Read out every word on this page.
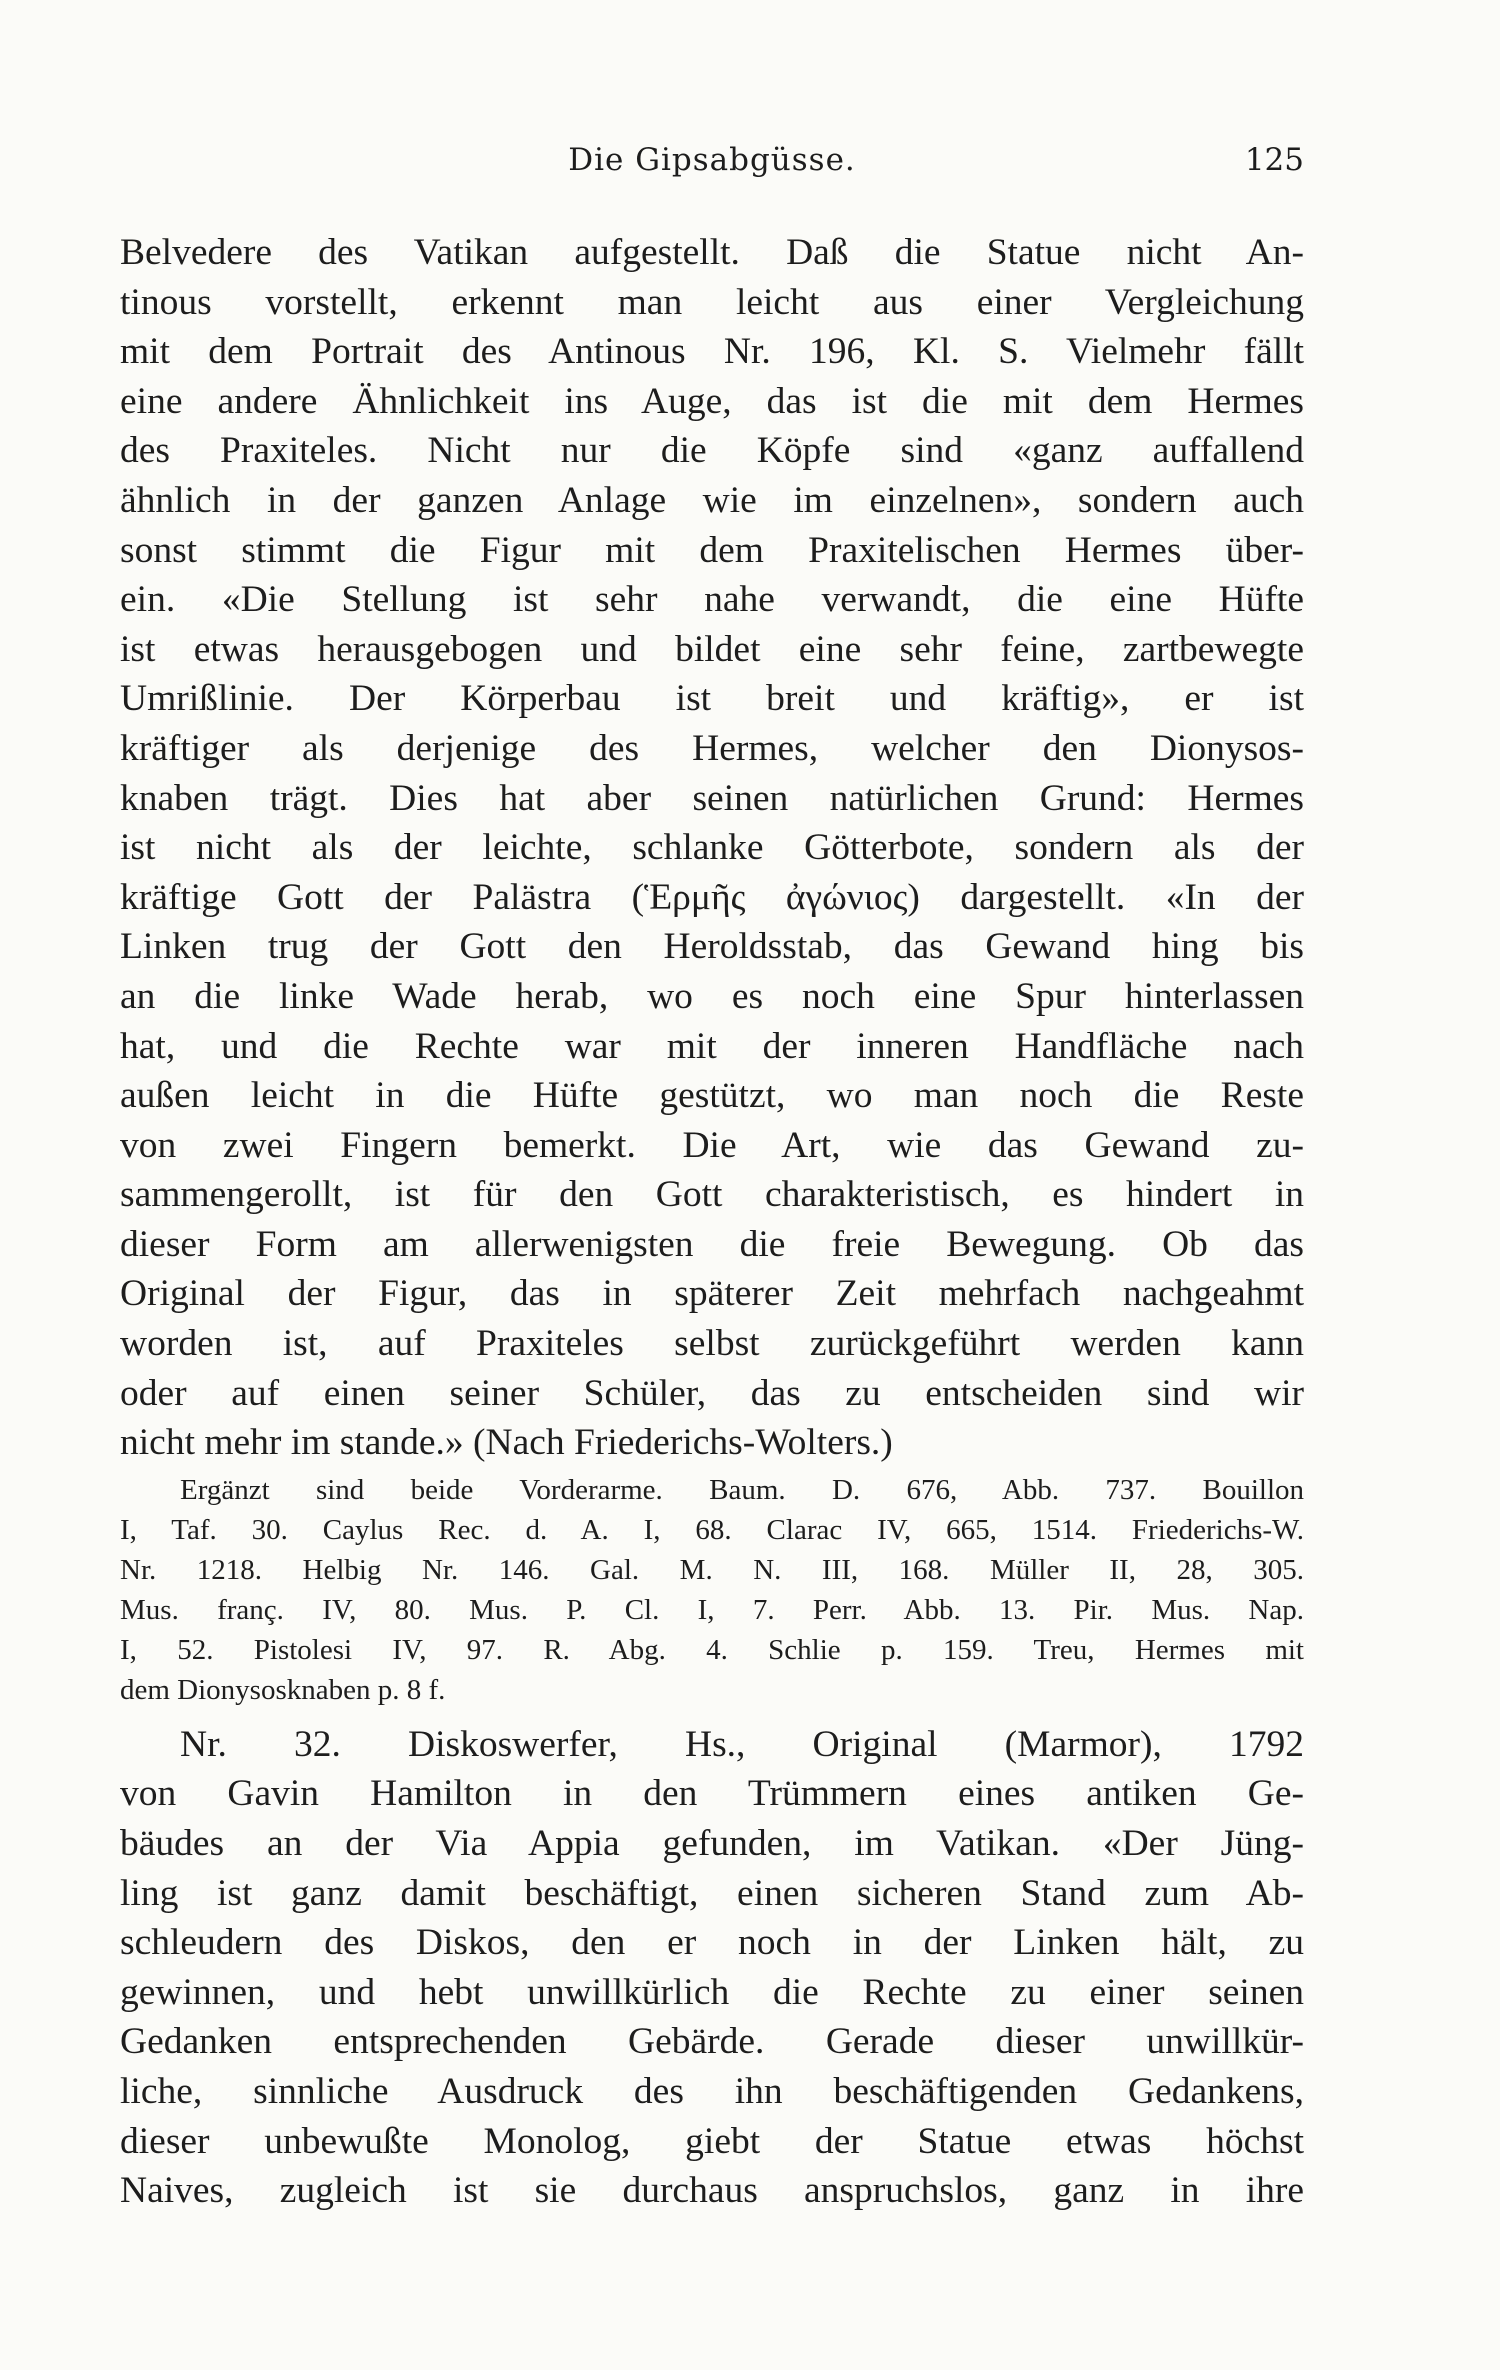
Die Gipsabgüsse.	125
Belvedere des Vatikan aufgestellt. Daß die Statue nicht An-
tinous vorstellt, erkennt man leicht aus einer Vergleichung
mit dem Portrait des Antinous Nr. 196, Kl. S. Vielmehr fällt
eine andere Ähnlichkeit ins Auge, das ist die mit dem Hermes
des Praxiteles. Nicht nur die Köpfe sind «ganz auffallend
ähnlich in der ganzen Anlage wie im einzelnen», sondern auch
sonst stimmt die Figur mit dem Praxitelischen Hermes über-
ein. «Die Stellung ist sehr nahe verwandt, die eine Hüfte
ist etwas herausgebogen und bildet eine sehr feine, zartbewegte
Umrißlinie. Der Körperbau ist breit und kräftig», er ist
kräftiger als derjenige des Hermes, welcher den Dionysos-
knaben trägt. Dies hat aber seinen natürlichen Grund: Hermes
ist nicht als der leichte, schlanke Götterbote, sondern als der
kräftige Gott der Palästra (Ἑρμῆς ἀγώνιος) dargestellt. «In der
Linken trug der Gott den Heroldsstab, das Gewand hing bis
an die linke Wade herab, wo es noch eine Spur hinterlassen
hat, und die Rechte war mit der inneren Handfläche nach
außen leicht in die Hüfte gestützt, wo man noch die Reste
von zwei Fingern bemerkt. Die Art, wie das Gewand zu-
sammengerollt, ist für den Gott charakteristisch, es hindert in
dieser Form am allerwenigsten die freie Bewegung. Ob das
Original der Figur, das in späterer Zeit mehrfach nachgeahmt
worden ist, auf Praxiteles selbst zurückgeführt werden kann
oder auf einen seiner Schüler, das zu entscheiden sind wir
nicht mehr im stande.» (Nach Friederichs-Wolters.)
Ergänzt sind beide Vorderarme. Baum. D. 676, Abb. 737. Bouillon
I, Taf. 30. Caylus Rec. d. A. I, 68. Clarac IV, 665, 1514. Friederichs-W.
Nr. 1218. Helbig Nr. 146. Gal. M. N. III, 168. Müller II, 28, 305.
Mus. franç. IV, 80. Mus. P. Cl. I, 7. Perr. Abb. 13. Pir. Mus. Nap.
I, 52. Pistolesi IV, 97. R. Abg. 4. Schlie p. 159. Treu, Hermes mit
dem Dionysosknaben p. 8 f.
Nr. 32. Diskoswerfer, Hs., Original (Marmor), 1792
von Gavin Hamilton in den Trümmern eines antiken Ge-
bäudes an der Via Appia gefunden, im Vatikan. «Der Jüng-
ling ist ganz damit beschäftigt, einen sicheren Stand zum Ab-
schleudern des Diskos, den er noch in der Linken hält, zu
gewinnen, und hebt unwillkürlich die Rechte zu einer seinen
Gedanken entsprechenden Gebärde. Gerade dieser unwillkür-
liche, sinnliche Ausdruck des ihn beschäftigenden Gedankens,
dieser unbewußte Monolog, giebt der Statue etwas höchst
Naives, zugleich ist sie durchaus anspruchslos, ganz in ihre
